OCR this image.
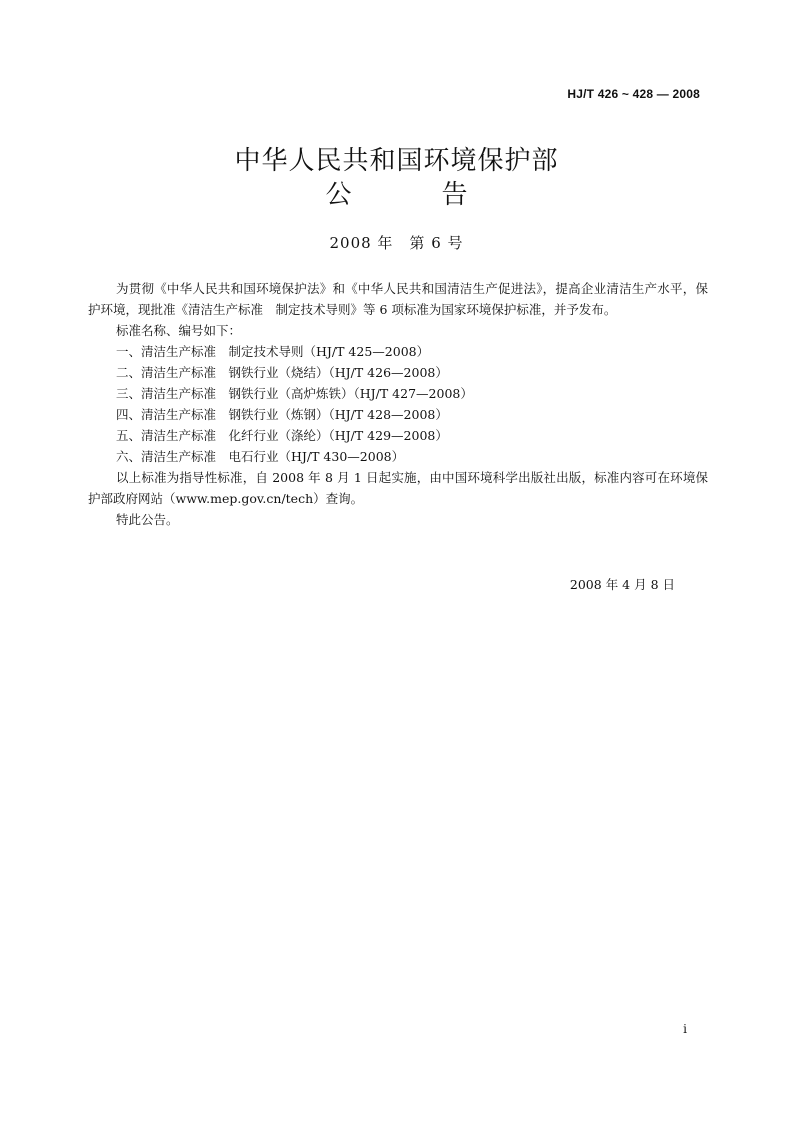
HJ/T 426 ~ 428 — 2008
中华人民共和国环境保护部
公告
2008 年　第 6 号

为贯彻《中华人民共和国环境保护法》和《中华人民共和国清洁生产促进法》，提高企业清洁生产水平，保护环境，现批准《清洁生产标准　制定技术导则》等 6 项标准为国家环境保护标准，并予发布。

标准名称、编号如下：

一、清洁生产标准　制定技术导则（HJ/T 425—2008）
二、清洁生产标准　钢铁行业（烧结）（HJ/T 426—2008）
三、清洁生产标准　钢铁行业（高炉炼铁）（HJ/T 427—2008）
四、清洁生产标准　钢铁行业（炼钢）（HJ/T 428—2008）
五、清洁生产标准　化纤行业（涤纶）（HJ/T 429—2008）
六、清洁生产标准　电石行业（HJ/T 430—2008）

以上标准为指导性标准，自 2008 年 8 月 1 日起实施，由中国环境科学出版社出版，标准内容可在环境保护部政府网站（www.mep.gov.cn/tech）查询。

特此公告。

2008 年 4 月 8 日
i
